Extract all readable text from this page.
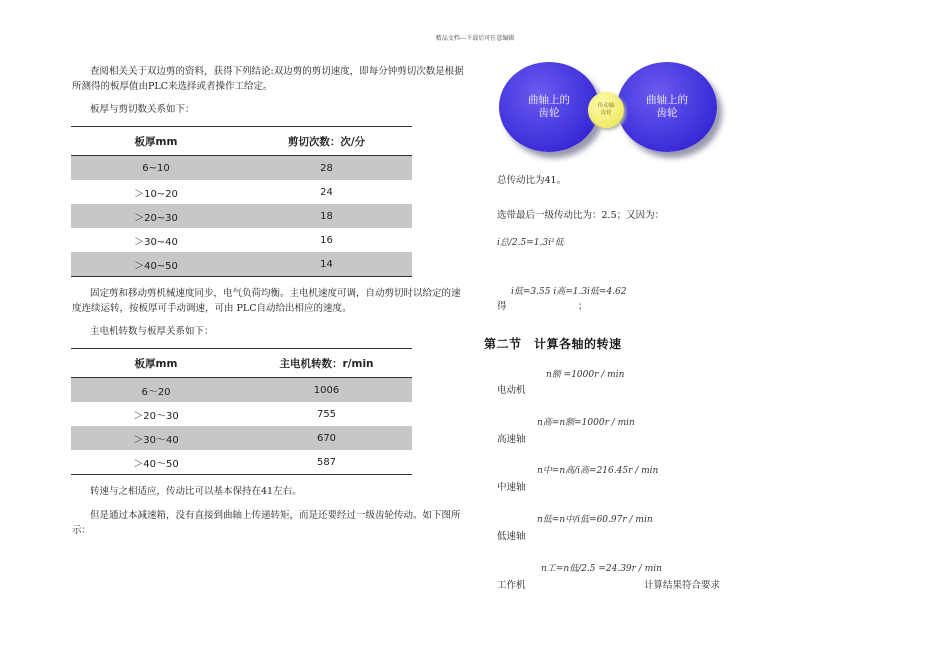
精品文档---下载后可任意编辑
查阅相关关于双边剪的资料，获得下列结论:双边剪的剪切速度，即每分钟剪切次数是根据所测得的板厚值由PLC来选择或者操作工给定。
板厚与剪切数关系如下：
板厚mm	剪切次数：次/分
6~10	28
＞10~20	24
＞20~30	18
＞30~40	16
＞40~50	14
固定剪和移动剪机械速度同步，电气负荷均衡。主电机速度可调，自动剪切时以给定的速度连续运转，按板厚可手动调速，可由 PLC自动给出相应的速度。
主电机转数与板厚关系如下：
板厚mm	主电机转数：r/min
6～20	1006
＞20～30	755
＞30～40	670
＞40～50	587
转速与之相适应，传动比可以基本保持在41左右。
但是通过本减速箱，没有直接到曲轴上传递转矩，而是还要经过一级齿轮传动。如下图所示：
曲轴上的
齿轮
曲轴上的
齿轮
传动轴
齿轮
总传动比为41。
选带最后一级传动比为：2.5；又因为：
i总/2.5=1.3i²低
i低=3.55 i高=1.3i低=4.62
得	；
第二节　计算各轴的转速
n额 =1000r / min
电动机
n高=n额=1000r / min
高速轴
n中=n高/i高=216.45r / min
中速轴
n低=n中/i低=60.97r / min
低速轴
n工=n低/2.5 =24.39r / min
工作机	计算结果符合要求
